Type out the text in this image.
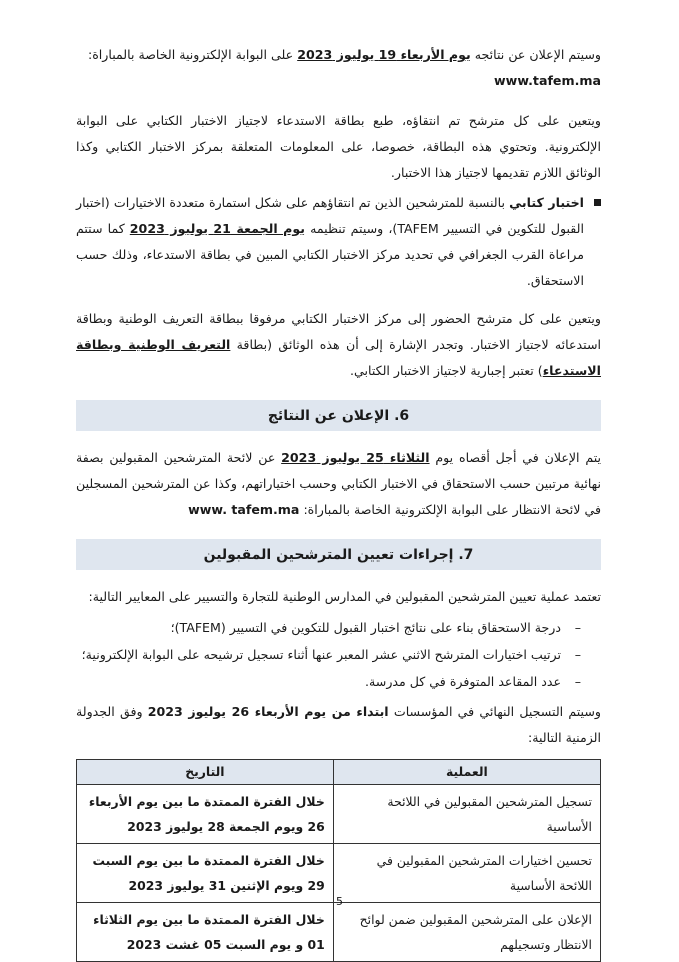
وسيتم الإعلان عن نتائجه يوم الأربعاء 19 يوليوز 2023 على البوابة الإلكترونية الخاصة بالمباراة:

www.tafem.ma

ويتعين على كل مترشح تم انتقاؤه، طبع بطاقة الاستدعاء لاجتياز الاختبار الكتابي على البوابة الإلكترونية. وتحتوي هذه البطاقة، خصوصا، على المعلومات المتعلقة بمركز الاختبار الكتابي وكذا الوثائق اللازم تقديمها لاجتياز هذا الاختبار.

اختبار كتابي بالنسبة للمترشحين الذين تم انتقاؤهم على شكل استمارة متعددة الاختيارات (اختبار القبول للتكوين في التسيير TAFEM)، وسيتم تنظيمه يوم الجمعة 21 يوليوز 2023 كما ستتم مراعاة القرب الجغرافي في تحديد مركز الاختبار الكتابي المبين في بطاقة الاستدعاء، وذلك حسب الاستحقاق.

ويتعين على كل مترشح الحضور إلى مركز الاختبار الكتابي مرفوقا ببطاقة التعريف الوطنية وبطاقة استدعائه لاجتياز الاختبار. وتجدر الإشارة إلى أن هذه الوثائق (بطاقة التعريف الوطنية وبطاقة الاستدعاء) تعتبر إجبارية لاجتياز الاختبار الكتابي.

6. الإعلان عن النتائج

يتم الإعلان في أجل أقصاه يوم الثلاثاء 25 يوليوز 2023 عن لائحة المترشحين المقبولين بصفة نهائية مرتبين حسب الاستحقاق في الاختبار الكتابي وحسب اختياراتهم، وكذا عن المترشحين المسجلين في لائحة الانتظار على البوابة الإلكترونية الخاصة بالمباراة: www. tafem.ma

7. إجراءات تعيين المترشحين المقبولين

تعتمد عملية تعيين المترشحين المقبولين في المدارس الوطنية للتجارة والتسيير على المعايير التالية:

– درجة الاستحقاق بناء على نتائج اختبار القبول للتكوين في التسيير (TAFEM)؛
– ترتيب اختيارات المترشح الاثني عشر المعبر عنها أثناء تسجيل ترشيحه على البوابة الإلكترونية؛
– عدد المقاعد المتوفرة في كل مدرسة.

وسيتم التسجيل النهائي في المؤسسات ابتداء من يوم الأربعاء 26 يوليوز 2023 وفق الجدولة الزمنية التالية:

العملية	التاريخ
تسجيل المترشحين المقبولين في اللائحة الأساسية	خلال الفترة الممتدة ما بين يوم الأربعاء 26 ويوم الجمعة 28 يوليوز 2023
تحسين اختيارات المترشحين المقبولين في اللائحة الأساسية	خلال الفترة الممتدة ما بين يوم السبت 29 ويوم الإثنين 31 يوليوز 2023
الإعلان على المترشحين المقبولين ضمن لوائح الانتظار وتسجيلهم	خلال الفترة الممتدة ما بين يوم الثلاثاء 01 و يوم السبت 05 غشت 2023
5
